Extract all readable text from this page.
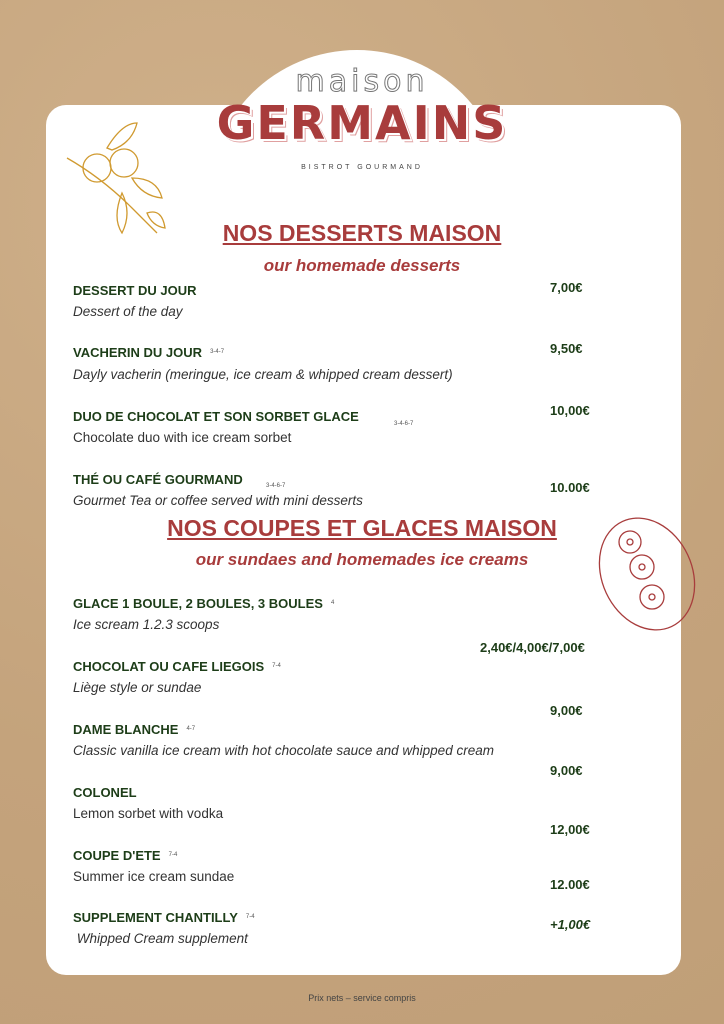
maison
GERMAINS
BISTROT GOURMAND
NOS DESSERTS MAISON
our homemade desserts
DESSERT DU JOUR
Dessert of the day
7,00€
VACHERIN DU JOUR $^{3-4-7}$
Dayly vacherin (meringue, ice cream & whipped cream dessert)
9,50€
DUO DE CHOCOLAT ET SON SORBET GLACE	3-4-6-7
Chocolate duo with ice cream sorbet
10,00€
THÉ OU CAFÉ GOURMAND	3-4-6-7
Gourmet Tea or coffee served with mini desserts
10.00€
NOS COUPES ET GLACES MAISON
our sundaes and homemades ice creams
GLACE 1 BOULE, 2 BOULES, 3 BOULES $^4$
Ice scream 1.2.3 scoops
2,40€/4,00€/7,00€
CHOCOLAT OU CAFE LIEGOIS $^{7-4}$
Liège style or sundae
9,00€
DAME BLANCHE $^{4-7}$
Classic vanilla ice cream with hot chocolate sauce and whipped cream
9,00€
COLONEL
Lemon sorbet with vodka
12,00€
COUPE D'ETE $^{7-4}$
Summer ice cream sundae
12.00€
SUPPLEMENT CHANTILLY $^{7-4}$
Whipped Cream supplement
+1,00€
Prix nets – service compris
